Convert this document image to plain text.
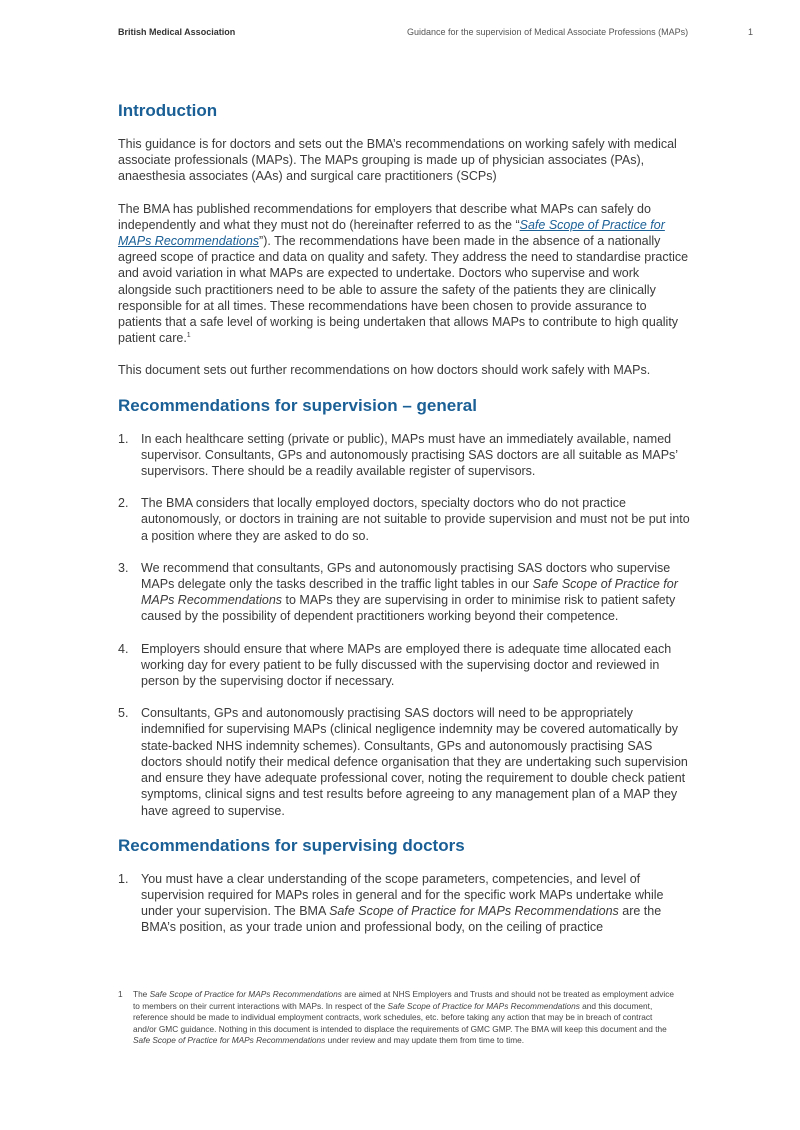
British Medical Association	Guidance for the supervision of Medical Associate Professions (MAPs)	1
Introduction

This guidance is for doctors and sets out the BMA’s recommendations on working safely with medical associate professionals (MAPs). The MAPs grouping is made up of physician associates (PAs), anaesthesia associates (AAs) and surgical care practitioners (SCPs)

The BMA has published recommendations for employers that describe what MAPs can safely do independently and what they must not do (hereinafter referred to as the “Safe Scope of Practice for MAPs Recommendations”). The recommendations have been made in the absence of a nationally agreed scope of practice and data on quality and safety. They address the need to standardise practice and avoid variation in what MAPs are expected to undertake. Doctors who supervise and work alongside such practitioners need to be able to assure the safety of the patients they are clinically responsible for at all times. These recommendations have been chosen to provide assurance to patients that a safe level of working is being undertaken that allows MAPs to contribute to high quality patient care.$^1$

This document sets out further recommendations on how doctors should work safely with MAPs.

Recommendations for supervision – general
1. In each healthcare setting (private or public), MAPs must have an immediately available, named supervisor. Consultants, GPs and autonomously practising SAS doctors are all suitable as MAPs’ supervisors. There should be a readily available register of supervisors.
2. The BMA considers that locally employed doctors, specialty doctors who do not practice autonomously, or doctors in training are not suitable to provide supervision and must not be put into a position where they are asked to do so.
3. We recommend that consultants, GPs and autonomously practising SAS doctors who supervise MAPs delegate only the tasks described in the traffic light tables in our Safe Scope of Practice for MAPs Recommendations to MAPs they are supervising in order to minimise risk to patient safety caused by the possibility of dependent practitioners working beyond their competence.
4. Employers should ensure that where MAPs are employed there is adequate time allocated each working day for every patient to be fully discussed with the supervising doctor and reviewed in person by the supervising doctor if necessary.
5. Consultants, GPs and autonomously practising SAS doctors will need to be appropriately indemnified for supervising MAPs (clinical negligence indemnity may be covered automatically by state-backed NHS indemnity schemes). Consultants, GPs and autonomously practising SAS doctors should notify their medical defence organisation that they are undertaking such supervision and ensure they have adequate professional cover, noting the requirement to double check patient symptoms, clinical signs and test results before agreeing to any management plan of a MAP they have agreed to supervise.
Recommendations for supervising doctors
1. You must have a clear understanding of the scope parameters, competencies, and level of supervision required for MAPs roles in general and for the specific work MAPs undertake while under your supervision. The BMA Safe Scope of Practice for MAPs Recommendations are the BMA’s position, as your trade union and professional body, on the ceiling of practice
1	The Safe Scope of Practice for MAPs Recommendations are aimed at NHS Employers and Trusts and should not be treated as employment advice to members on their current interactions with MAPs. In respect of the Safe Scope of Practice for MAPs Recommendations and this document, reference should be made to individual employment contracts, work schedules, etc. before taking any action that may be in breach of contract and/or GMC guidance. Nothing in this document is intended to displace the requirements of GMC GMP. The BMA will keep this document and the Safe Scope of Practice for MAPs Recommendations under review and may update them from time to time.
